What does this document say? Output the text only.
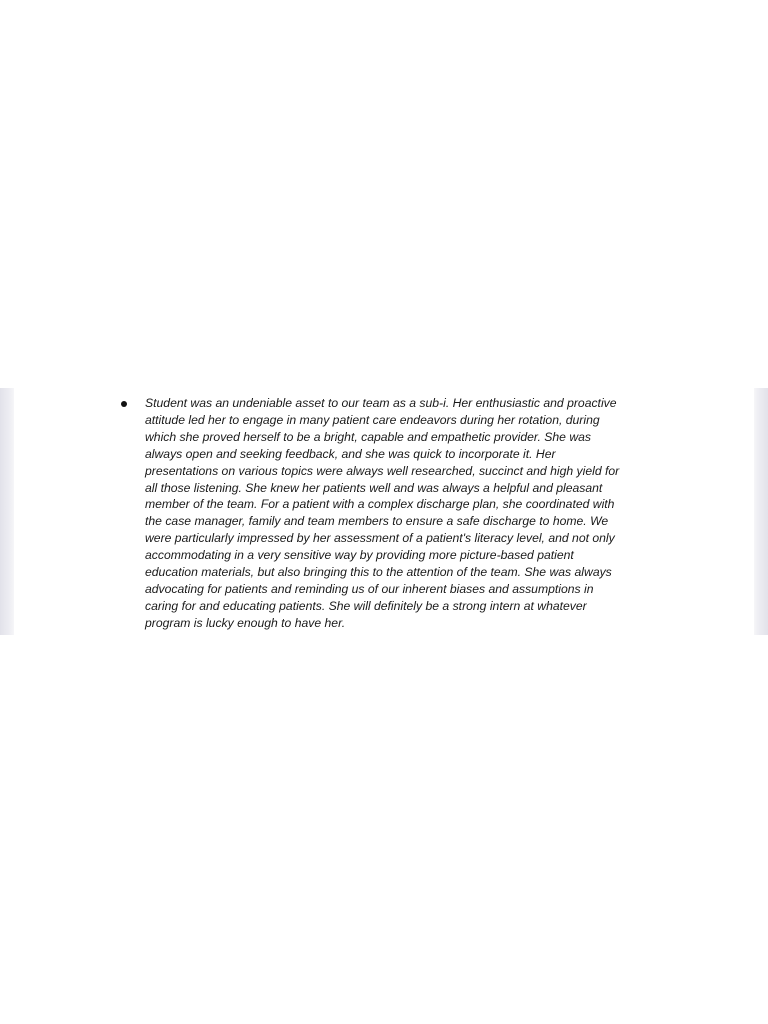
Student was an undeniable asset to our team as a sub-i. Her enthusiastic and proactive
attitude led her to engage in many patient care endeavors during her rotation, during
which she proved herself to be a bright, capable and empathetic provider. She was
always open and seeking feedback, and she was quick to incorporate it. Her
presentations on various topics were always well researched, succinct and high yield for
all those listening. She knew her patients well and was always a helpful and pleasant
member of the team. For a patient with a complex discharge plan, she coordinated with
the case manager, family and team members to ensure a safe discharge to home. We
were particularly impressed by her assessment of a patient's literacy level, and not only
accommodating in a very sensitive way by providing more picture-based patient
education materials, but also bringing this to the attention of the team. She was always
advocating for patients and reminding us of our inherent biases and assumptions in
caring for and educating patients. She will definitely be a strong intern at whatever
program is lucky enough to have her.
